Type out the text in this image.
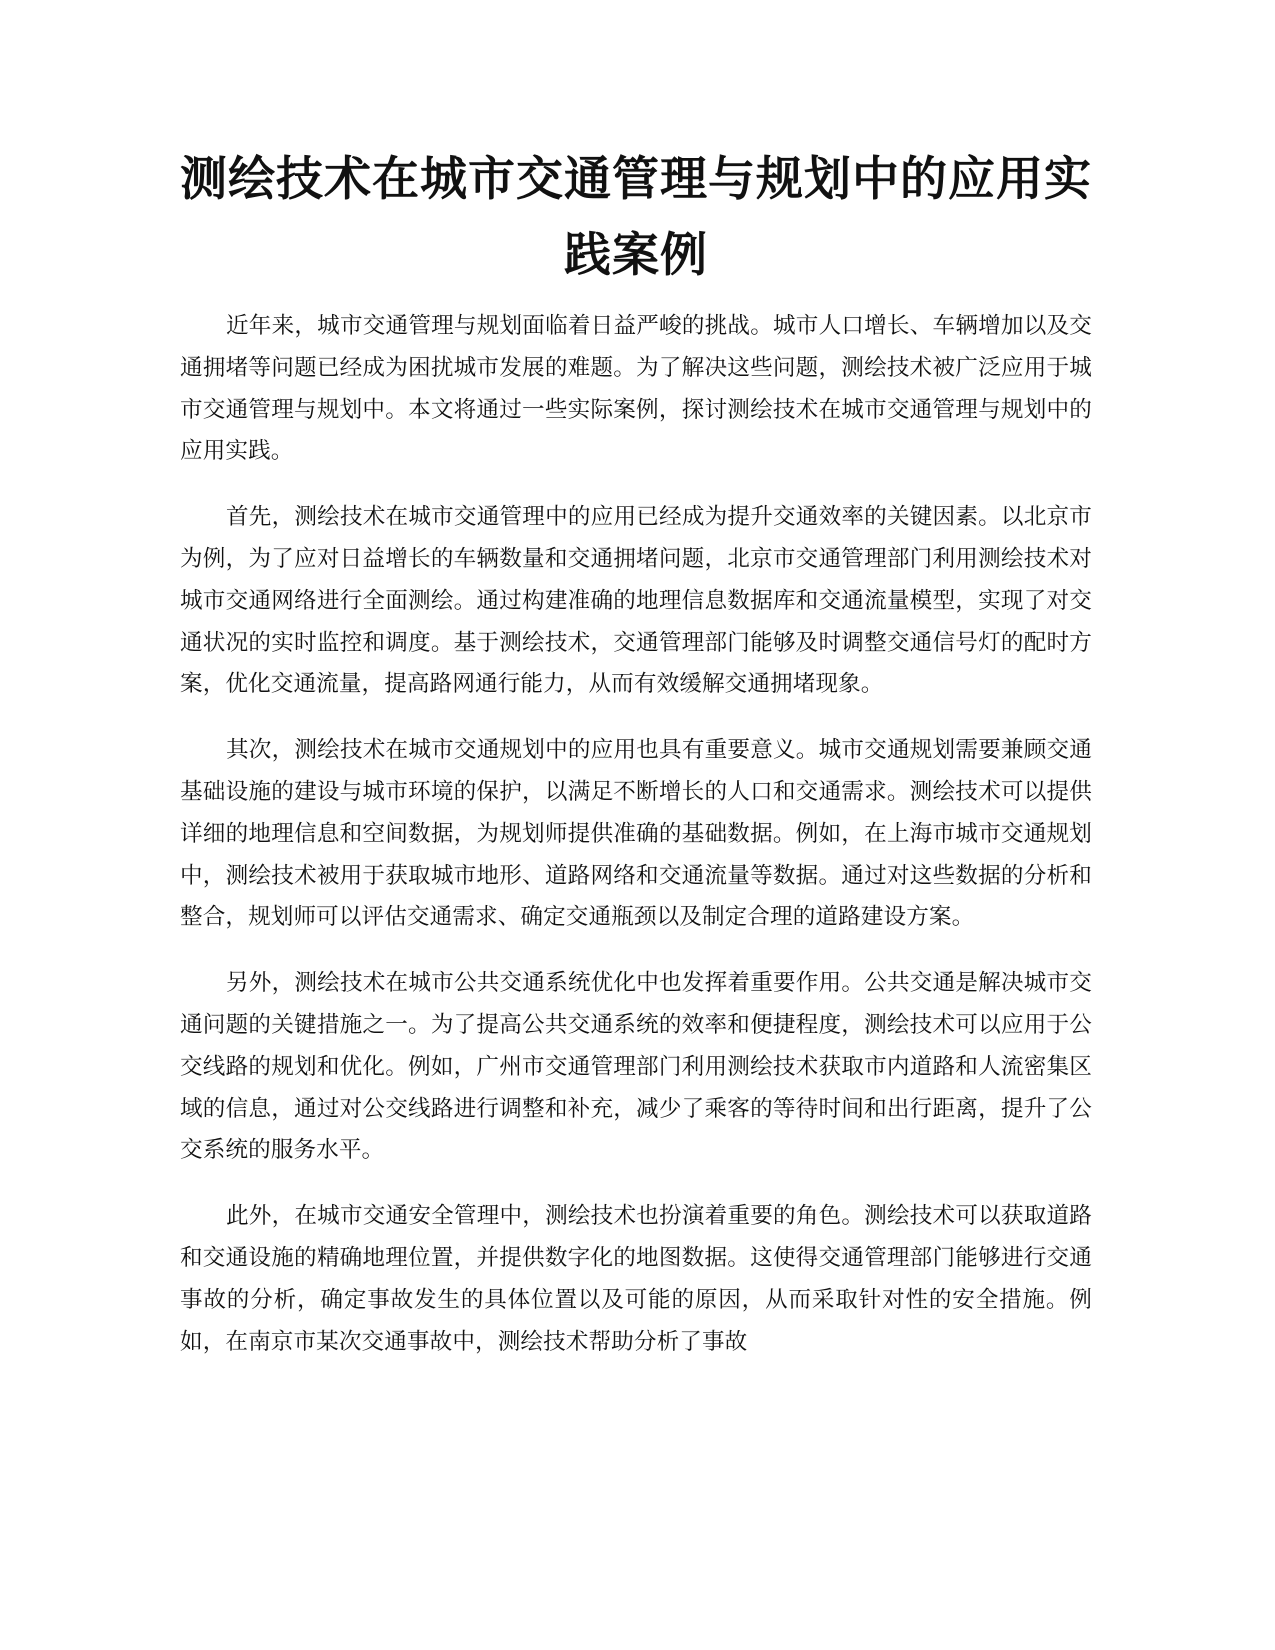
测绘技术在城市交通管理与规划中的应用实践案例

近年来，城市交通管理与规划面临着日益严峻的挑战。城市人口增长、车辆增加以及交通拥堵等问题已经成为困扰城市发展的难题。为了解决这些问题，测绘技术被广泛应用于城市交通管理与规划中。本文将通过一些实际案例，探讨测绘技术在城市交通管理与规划中的应用实践。

首先，测绘技术在城市交通管理中的应用已经成为提升交通效率的关键因素。以北京市为例，为了应对日益增长的车辆数量和交通拥堵问题，北京市交通管理部门利用测绘技术对城市交通网络进行全面测绘。通过构建准确的地理信息数据库和交通流量模型，实现了对交通状况的实时监控和调度。基于测绘技术，交通管理部门能够及时调整交通信号灯的配时方案，优化交通流量，提高路网通行能力，从而有效缓解交通拥堵现象。

其次，测绘技术在城市交通规划中的应用也具有重要意义。城市交通规划需要兼顾交通基础设施的建设与城市环境的保护，以满足不断增长的人口和交通需求。测绘技术可以提供详细的地理信息和空间数据，为规划师提供准确的基础数据。例如，在上海市城市交通规划中，测绘技术被用于获取城市地形、道路网络和交通流量等数据。通过对这些数据的分析和整合，规划师可以评估交通需求、确定交通瓶颈以及制定合理的道路建设方案。

另外，测绘技术在城市公共交通系统优化中也发挥着重要作用。公共交通是解决城市交通问题的关键措施之一。为了提高公共交通系统的效率和便捷程度，测绘技术可以应用于公交线路的规划和优化。例如，广州市交通管理部门利用测绘技术获取市内道路和人流密集区域的信息，通过对公交线路进行调整和补充，减少了乘客的等待时间和出行距离，提升了公交系统的服务水平。

此外，在城市交通安全管理中，测绘技术也扮演着重要的角色。测绘技术可以获取道路和交通设施的精确地理位置，并提供数字化的地图数据。这使得交通管理部门能够进行交通事故的分析，确定事故发生的具体位置以及可能的原因，从而采取针对性的安全措施。例如，在南京市某次交通事故中，测绘技术帮助分析了事故
